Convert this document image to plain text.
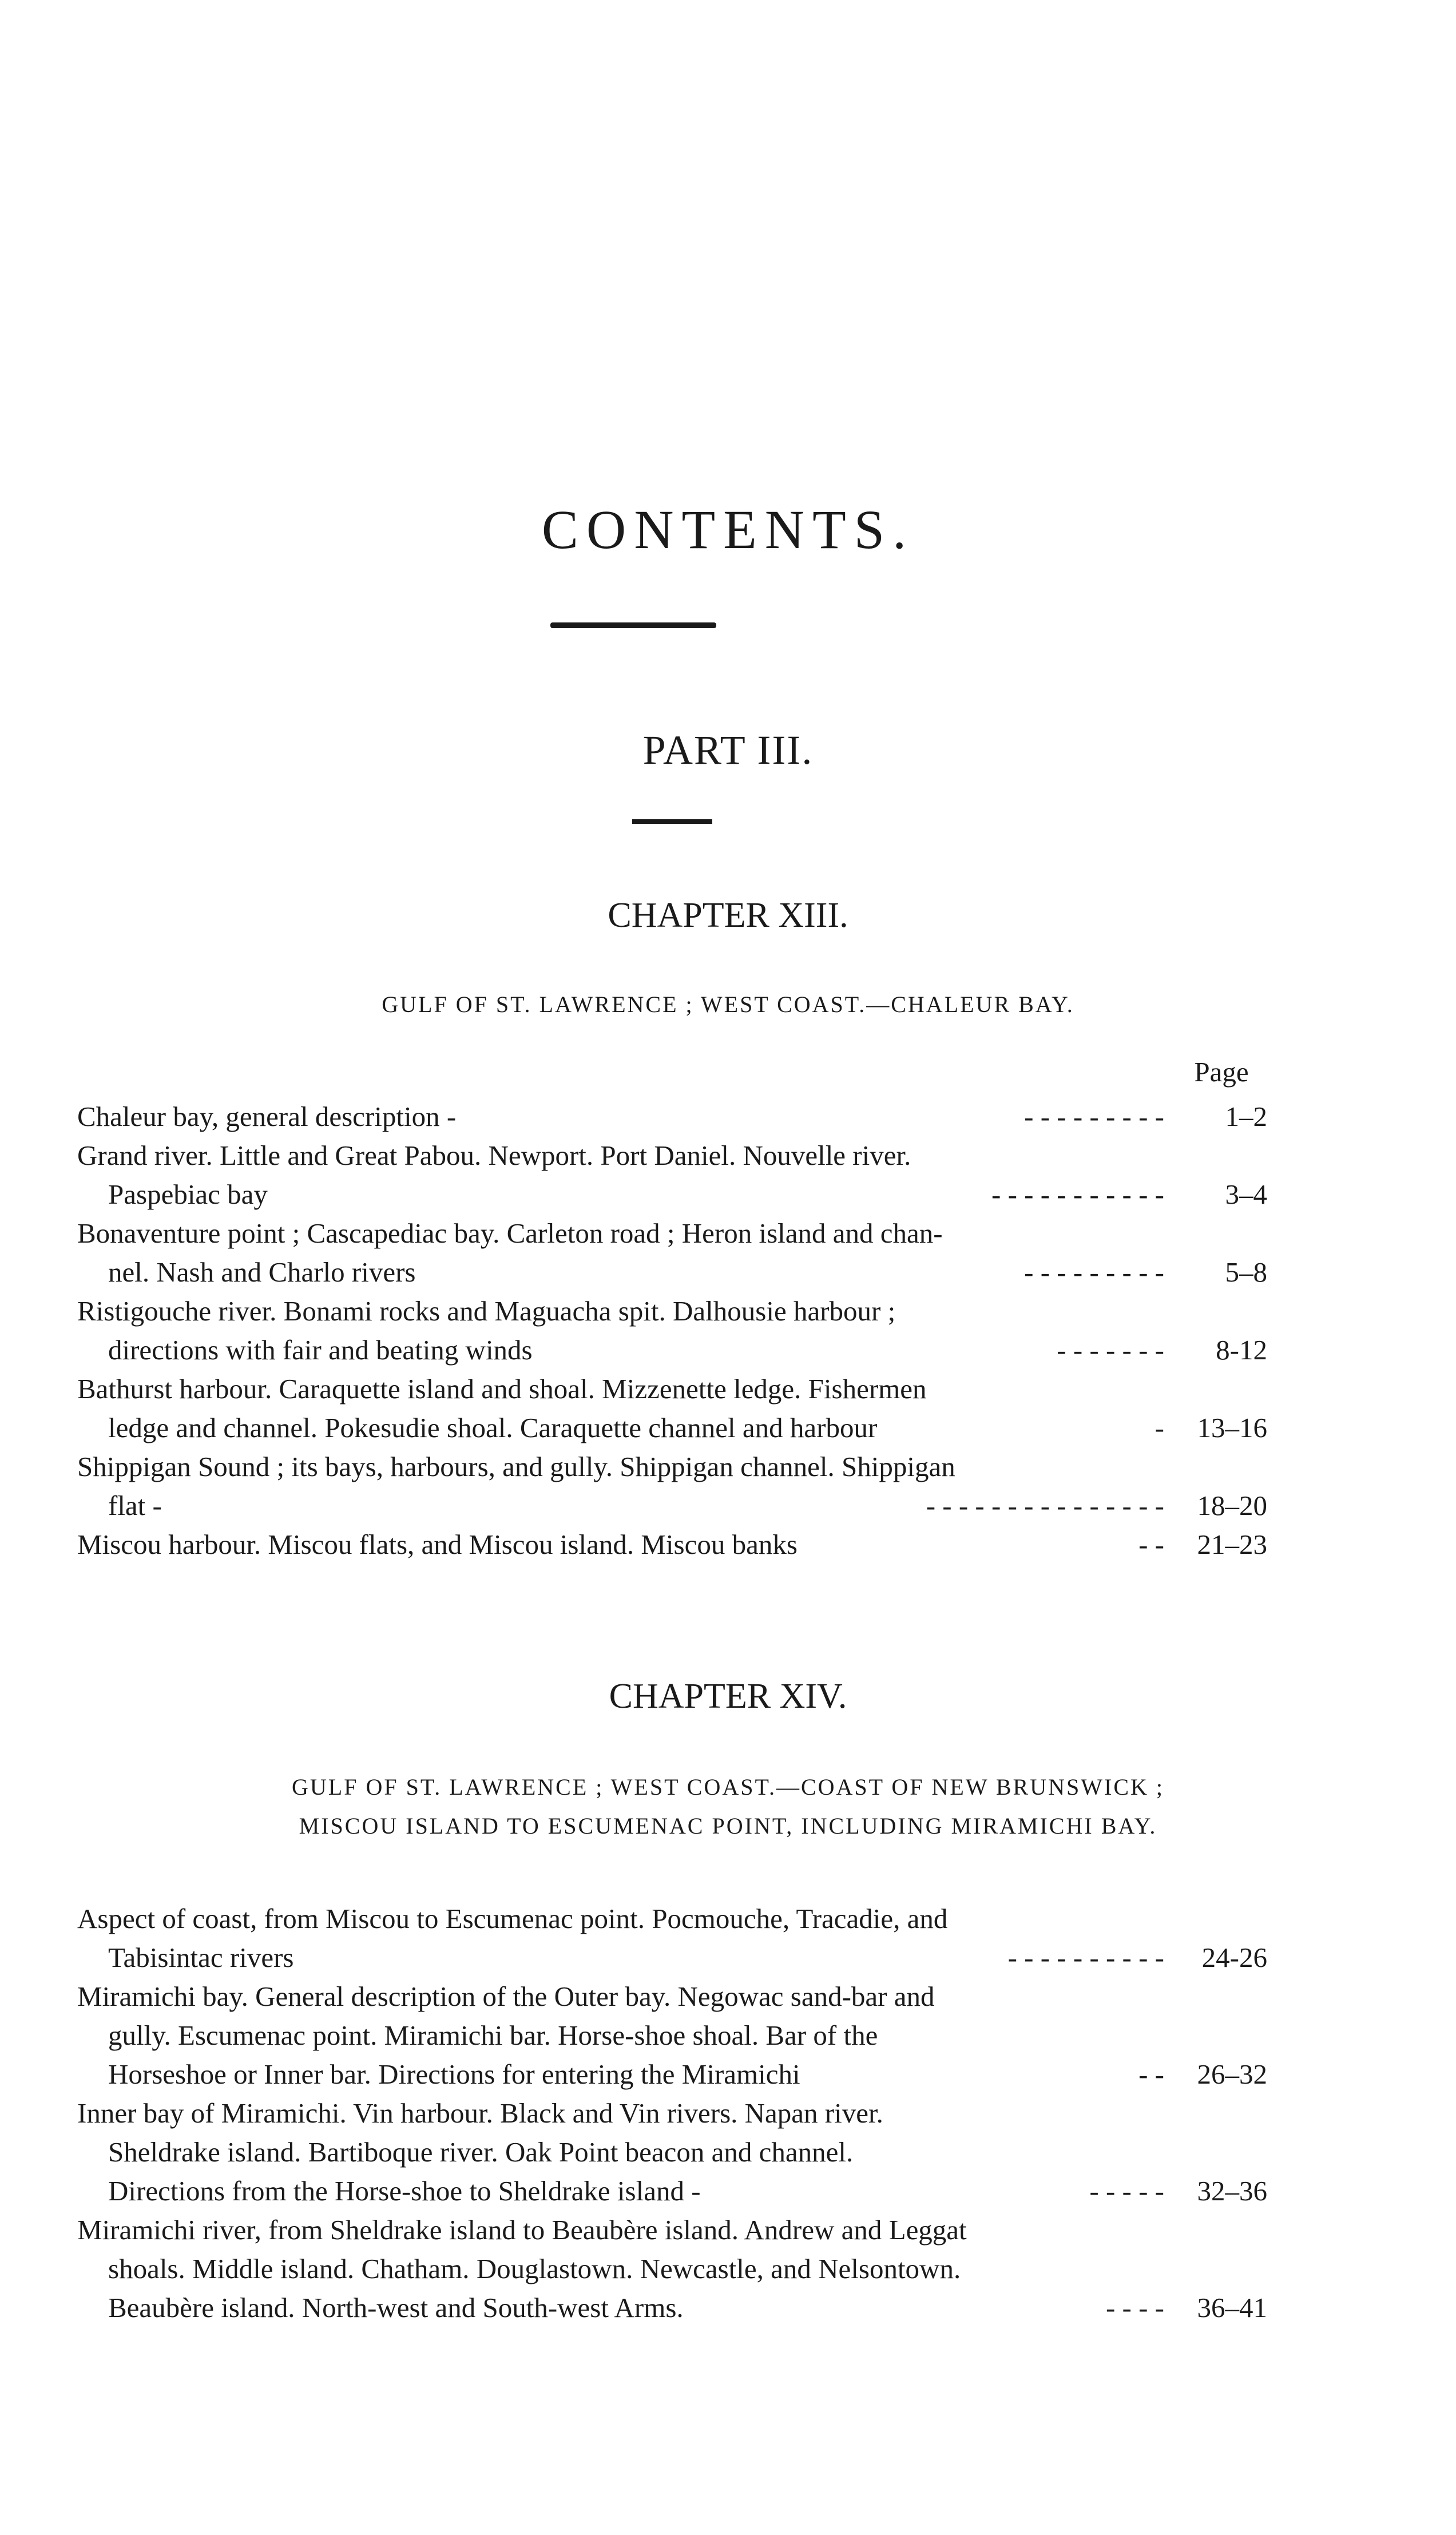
CONTENTS.
PART III.
CHAPTER XIII.
GULF OF ST. LAWRENCE ; WEST COAST.—CHALEUR BAY.
Page
Chaleur bay, general description -	- - - - - - - - -	1–2
Grand river. Little and Great Pabou. Newport. Port Daniel. Nouvelle river.
Paspebiac bay	- - - - - - - - - - -	3–4
Bonaventure point ; Cascapediac bay. Carleton road ; Heron island and chan-
nel. Nash and Charlo rivers	- - - - - - - - -	5–8
Ristigouche river. Bonami rocks and Maguacha spit. Dalhousie harbour ;
directions with fair and beating winds	- - - - - - -	8-12
Bathurst harbour. Caraquette island and shoal. Mizzenette ledge. Fishermen
ledge and channel. Pokesudie shoal. Caraquette channel and harbour	-	13–16
Shippigan Sound ; its bays, harbours, and gully. Shippigan channel. Shippigan
flat -	- - - - - - - - - - - - - - -	18–20
Miscou harbour. Miscou flats, and Miscou island. Miscou banks	- -	21–23
CHAPTER XIV.
GULF OF ST. LAWRENCE ; WEST COAST.—COAST OF NEW BRUNSWICK ;
MISCOU ISLAND TO ESCUMENAC POINT, INCLUDING MIRAMICHI BAY.
Aspect of coast, from Miscou to Escumenac point. Pocmouche, Tracadie, and
Tabisintac rivers	- - - - - - - - - -	24-26
Miramichi bay. General description of the Outer bay. Negowac sand-bar and
gully. Escumenac point. Miramichi bar. Horse-shoe shoal. Bar of the
Horseshoe or Inner bar. Directions for entering the Miramichi	- -	26–32
Inner bay of Miramichi. Vin harbour. Black and Vin rivers. Napan river.
Sheldrake island. Bartiboque river. Oak Point beacon and channel.
Directions from the Horse-shoe to Sheldrake island -	- - - - -	32–36
Miramichi river, from Sheldrake island to Beaubère island. Andrew and Leggat
shoals. Middle island. Chatham. Douglastown. Newcastle, and Nelsontown.
Beaubère island. North-west and South-west Arms.	- - - -	36–41
